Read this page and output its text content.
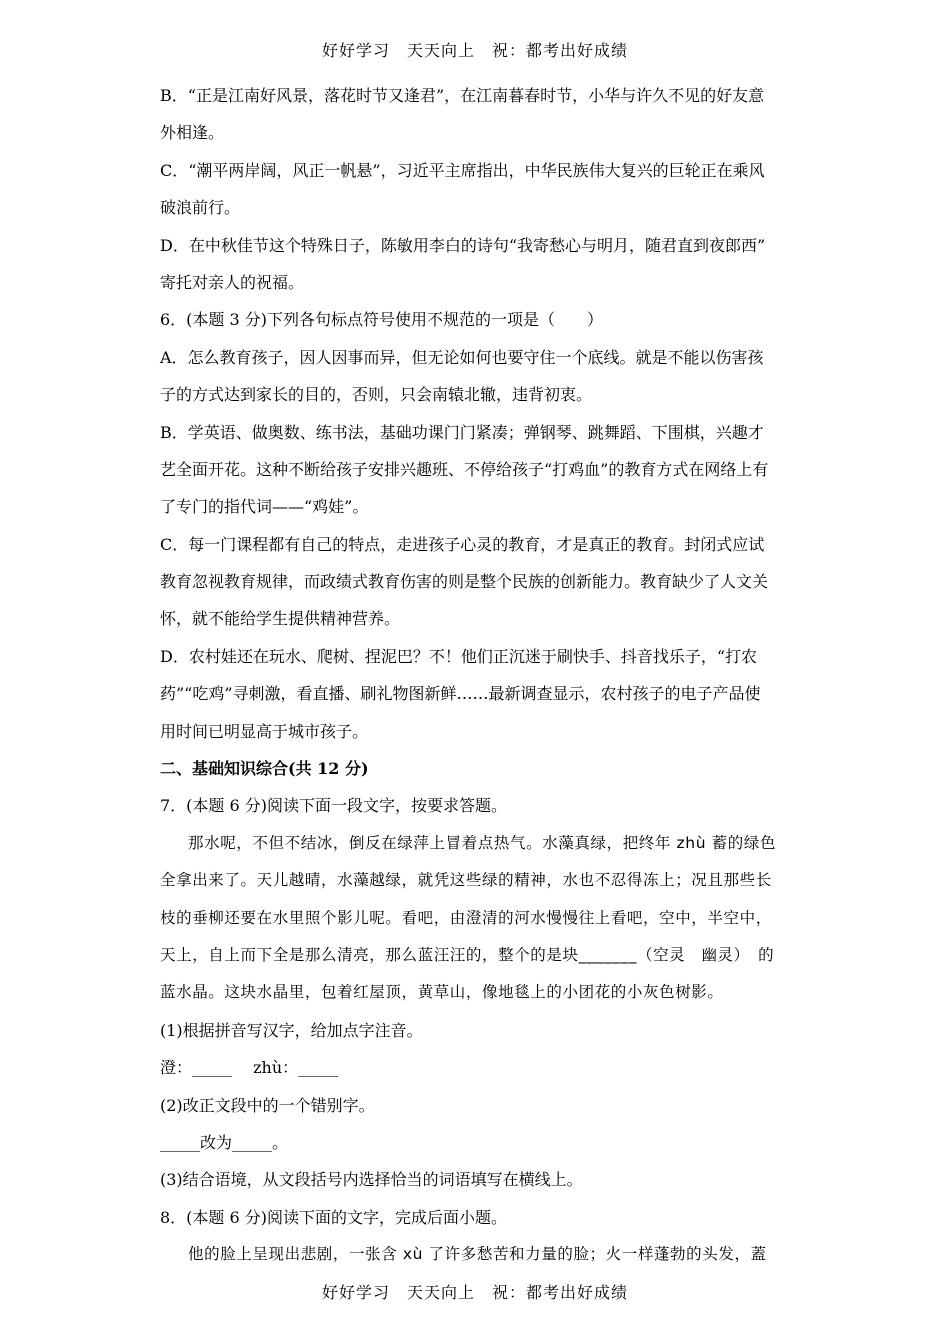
好好学习　天天向上　祝：都考出好成绩
B．“正是江南好风景，落花时节又逢君”，在江南暮春时节，小华与许久不见的好友意
外相逢。
C．“潮平两岸阔，风正一帆悬”，习近平主席指出，中华民族伟大复兴的巨轮正在乘风
破浪前行。
D．在中秋佳节这个特殊日子，陈敏用李白的诗句“我寄愁心与明月，随君直到夜郎西”
寄托对亲人的祝福。
6．(本题 3 分)下列各句标点符号使用不规范的一项是（　　）
A．怎么教育孩子，因人因事而异，但无论如何也要守住一个底线。就是不能以伤害孩
子的方式达到家长的目的，否则，只会南辕北辙，违背初衷。
B．学英语、做奥数、练书法，基础功课门门紧凑；弹钢琴、跳舞蹈、下围棋，兴趣才
艺全面开花。这种不断给孩子安排兴趣班、不停给孩子“打鸡血”的教育方式在网络上有
了专门的指代词——“鸡娃”。
C．每一门课程都有自己的特点，走进孩子心灵的教育，才是真正的教育。封闭式应试
教育忽视教育规律，而政绩式教育伤害的则是整个民族的创新能力。教育缺少了人文关
怀，就不能给学生提供精神营养。
D．农村娃还在玩水、爬树、捏泥巴？不！他们正沉迷于刷快手、抖音找乐子，“打农
药”“吃鸡”寻刺激，看直播、刷礼物图新鲜……最新调查显示，农村孩子的电子产品使
用时间已明显高于城市孩子。
二、基础知识综合(共 12 分)
7．(本题 6 分)阅读下面一段文字，按要求答题。
那水呢，不但不结冰，倒反在绿萍上冒着点热气。水藻真绿，把终年 zhù 蓄的绿色
全拿出来了。天儿越晴，水藻越绿，就凭这些绿的精神，水也不忍得冻上；况且那些长
枝的垂柳还要在水里照个影儿呢。看吧，由澄清的河水慢慢往上看吧，空中，半空中，
天上，自上而下全是那么清亮，那么蓝汪汪的，整个的是块_______（空灵　幽灵）　的
蓝水晶。这块水晶里，包着红屋顶，黄草山，像地毯上的小团花的小灰色树影。
(1)根据拼音写汉字，给加点字注音。
澄：_____　 zhù：_____
(2)改正文段中的一个错别字。
_____改为_____。
(3)结合语境，从文段括号内选择恰当的词语填写在横线上。
8．(本题 6 分)阅读下面的文字，完成后面小题。
他的脸上呈现出悲剧，一张含 xù 了许多愁苦和力量的脸；火一样蓬勃的头发，蓋
好好学习　天天向上　祝：都考出好成绩
